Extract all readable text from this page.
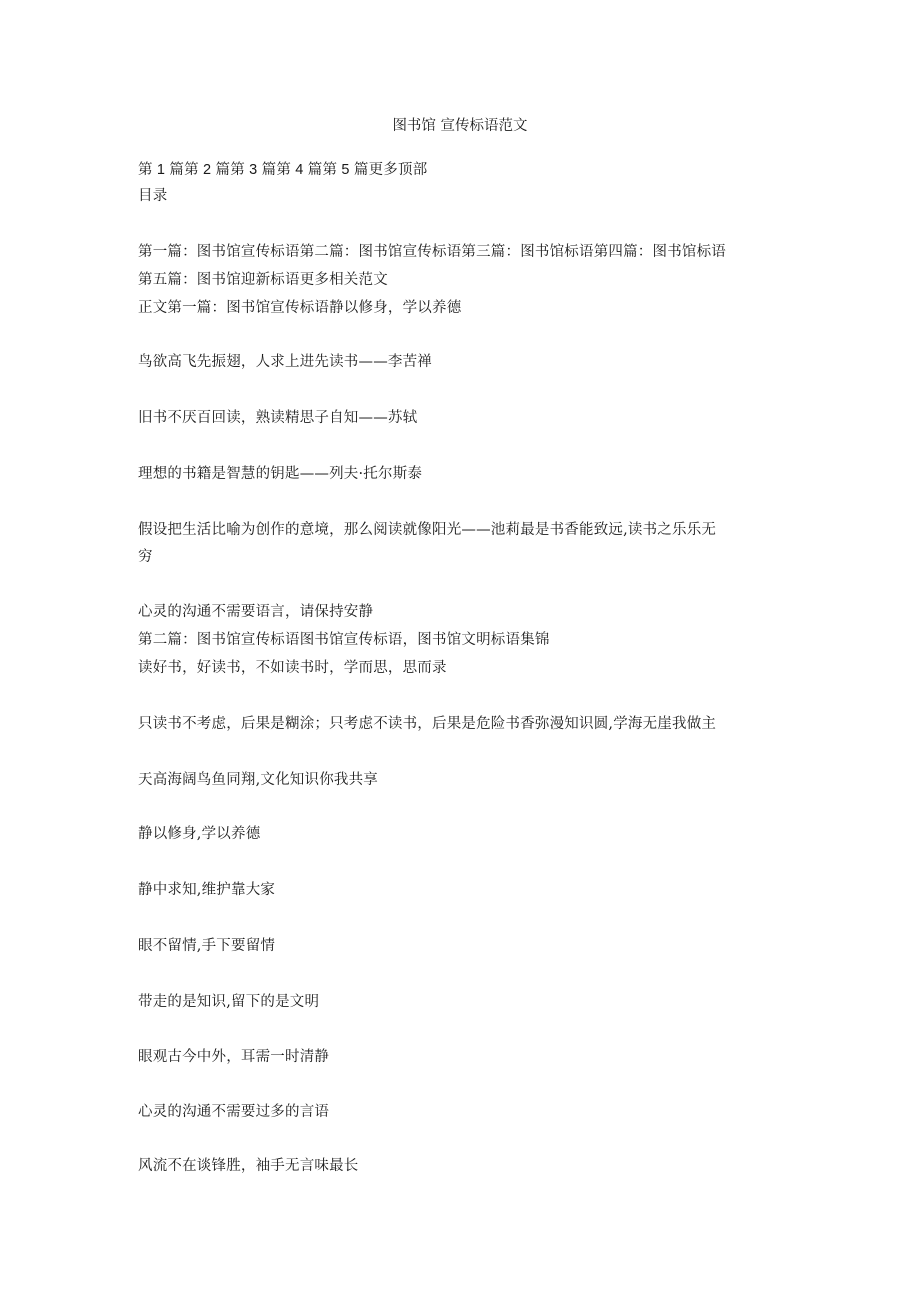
图书馆 宣传标语范文
第 1 篇第 2 篇第 3 篇第 4 篇第 5 篇更多顶部
目录
第一篇：图书馆宣传标语第二篇：图书馆宣传标语第三篇：图书馆标语第四篇：图书馆标语
第五篇：图书馆迎新标语更多相关范文
正文第一篇：图书馆宣传标语静以修身，学以养德
鸟欲高飞先振翅，人求上进先读书——李苦禅
旧书不厌百回读，熟读精思子自知——苏轼
理想的书籍是智慧的钥匙——列夫·托尔斯泰
假设把生活比喻为创作的意境，那么阅读就像阳光——池莉最是书香能致远,读书之乐乐无
穷
心灵的沟通不需要语言，请保持安静
第二篇：图书馆宣传标语图书馆宣传标语，图书馆文明标语集锦
读好书，好读书，不如读书时，学而思，思而录
只读书不考虑，后果是糊涂；只考虑不读书，后果是危险书香弥漫知识圆,学海无崖我做主
天高海阔鸟鱼同翔,文化知识你我共享
静以修身,学以养德
静中求知,维护靠大家
眼不留情,手下要留情
带走的是知识,留下的是文明
眼观古今中外，耳需一时清静
心灵的沟通不需要过多的言语
风流不在谈锋胜，袖手无言味最长
